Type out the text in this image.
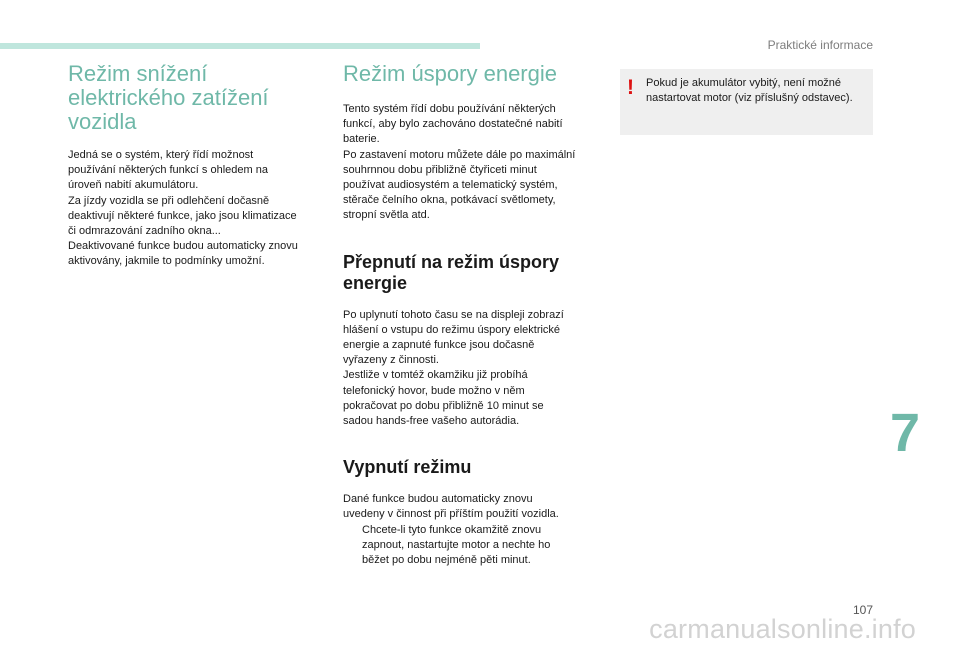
Praktické informace
Režim snížení
elektrického zatížení
vozidla

Jedná se o systém, který řídí možnost
používání některých funkcí s ohledem na
úroveň nabití akumulátoru.
Za jízdy vozidla se při odlehčení dočasně
deaktivují některé funkce, jako jsou klimatizace
či odmrazování zadního okna...
Deaktivované funkce budou automaticky znovu
aktivovány, jakmile to podmínky umožní.

Režim úspory energie

Tento systém řídí dobu používání některých
funkcí, aby bylo zachováno dostatečné nabití
baterie.
Po zastavení motoru můžete dále po maximální
souhrnnou dobu přibližně čtyřiceti minut
používat audiosystém a telematický systém,
stěrače čelního okna, potkávací světlomety,
stropní světla atd.

Přepnutí na režim úspory
energie

Po uplynutí tohoto času se na displeji zobrazí
hlášení o vstupu do režimu úspory elektrické
energie a zapnuté funkce jsou dočasně
vyřazeny z činnosti.
Jestliže v tomtéž okamžiku již probíhá
telefonický hovor, bude možno v něm
pokračovat po dobu přibližně 10 minut se
sadou hands-free vašeho autorádia.

Vypnutí režimu

Dané funkce budou automaticky znovu
uvedeny v činnost při příštím použití vozidla.

Chcete-li tyto funkce okamžitě znovu
zapnout, nastartujte motor a nechte ho
běžet po dobu nejméně pěti minut.
! Pokud je akumulátor vybitý, není možné
nastartovat motor (viz příslušný odstavec).
7
107
carmanualsonline.info
